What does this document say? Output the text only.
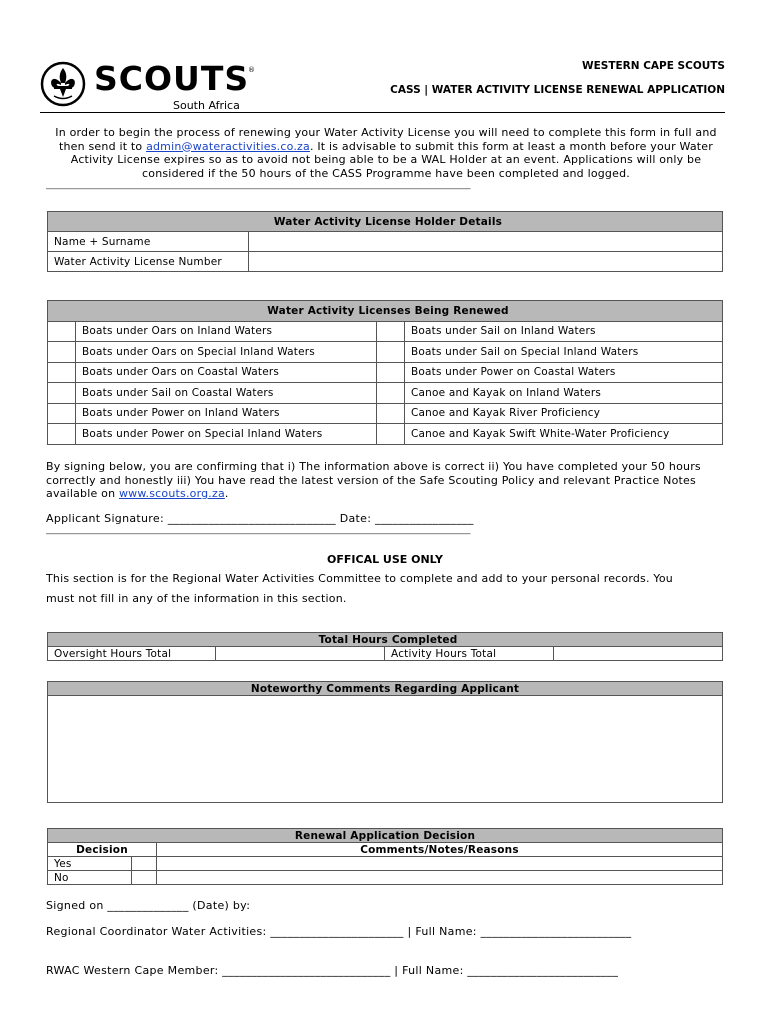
SCOUTS
®
South Africa
WESTERN CAPE SCOUTS
CASS | WATER ACTIVITY LICENSE RENEWAL APPLICATION
In order to begin the process of renewing your Water Activity License you will need to complete this form in full and then send it to admin@wateractivities.co.za. It is advisable to submit this form at least a month before your Water Activity License expires so as to avoid not being able to be a WAL Holder at an event. Applications will only be considered if the 50 hours of the CASS Programme have been completed and logged.
__________________________________________________________________________________________________________
Water Activity License Holder Details	
Name + Surname	
Water Activity License Number	
Water Activity Licenses Being Renewed			
	Boats under Oars on Inland Waters		Boats under Sail on Inland Waters
	Boats under Oars on Special Inland Waters		Boats under Sail on Special Inland Waters
	Boats under Oars on Coastal Waters		Boats under Power on Coastal Waters
	Boats under Sail on Coastal Waters		Canoe and Kayak on Inland Waters
	Boats under Power on Inland Waters		Canoe and Kayak River Proficiency
	Boats under Power on Special Inland Waters		Canoe and Kayak Swift White-Water Proficiency
By signing below, you are confirming that i) The information above is correct ii) You have completed your 50 hours correctly and honestly iii) You have read the latest version of the Safe Scouting Policy and relevant Practice Notes available on www.scouts.org.za.
Applicant Signature: _____________________________ Date: _________________
__________________________________________________________________________________________________________
OFFICAL USE ONLY
This section is for the Regional Water Activities Committee to complete and add to your personal records. You
must not fill in any of the information in this section.
Total Hours Completed
Oversight Hours Total		Activity Hours Total	
Noteworthy Comments Regarding Applicant

Renewal Application Decision		
Decision		Comments/Notes/Reasons
Yes		
No		
Signed on ______________ (Date) by:
Regional Coordinator Water Activities: _______________________ | Full Name: __________________________
RWAC Western Cape Member: _____________________________ | Full Name: __________________________
